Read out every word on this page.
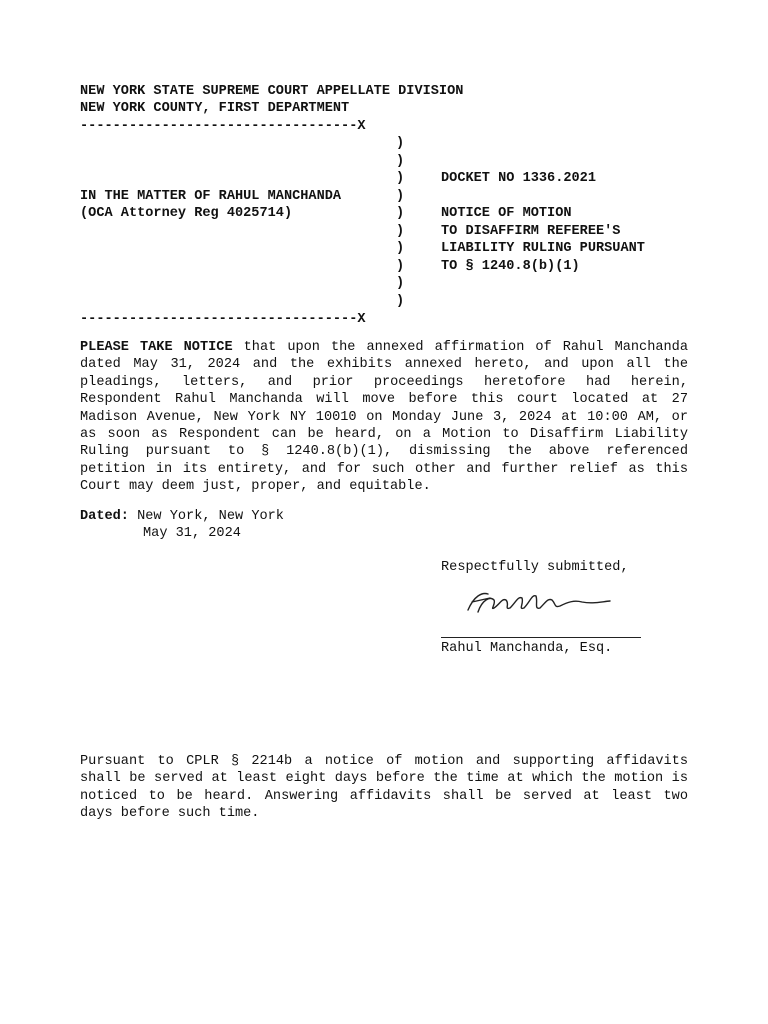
NEW YORK STATE SUPREME COURT APPELLATE DIVISION
NEW YORK COUNTY, FIRST DEPARTMENT
----------------------------------X
)
)
)
)
)
)
)
)
)
)
IN THE MATTER OF RAHUL MANCHANDA
(OCA Attorney Reg 4025714)
DOCKET NO 1336.2021
NOTICE OF MOTION
TO DISAFFIRM REFEREE'S
LIABILITY RULING PURSUANT
TO § 1240.8(b)(1)
----------------------------------X
PLEASE TAKE NOTICE that upon the annexed affirmation of Rahul Manchanda dated May 31, 2024 and the exhibits annexed hereto, and upon all the pleadings, letters, and prior proceedings heretofore had herein, Respondent Rahul Manchanda will move before this court located at 27 Madison Avenue, New York NY 10010 on Monday June 3, 2024 at 10:00 AM, or as soon as Respondent can be heard, on a Motion to Disaffirm Liability Ruling pursuant to § 1240.8(b)(1), dismissing the above referenced petition in its entirety, and for such other and further relief as this Court may deem just, proper, and equitable.
Dated: New York, New York
May 31, 2024
Respectfully submitted,
Rahul Manchanda, Esq.
Pursuant to CPLR § 2214b a notice of motion and supporting affidavits shall be served at least eight days before the time at which the motion is noticed to be heard. Answering affidavits shall be served at least two days before such time.
